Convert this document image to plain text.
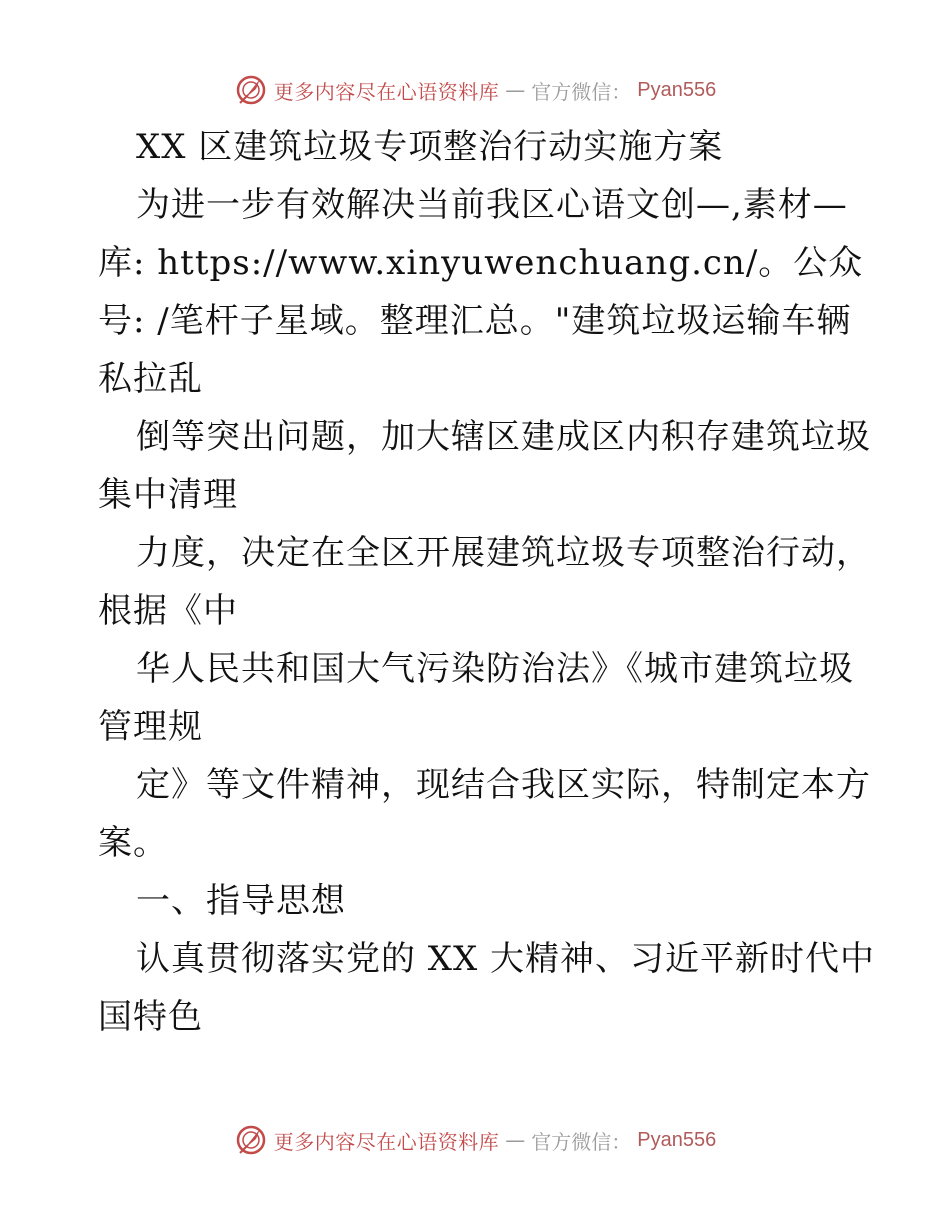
更多内容尽在心语资料库 — 官方微信： Pyan556
XX 区建筑垃圾专项整治行动实施方案
为进一步有效解决当前我区心语文创—,素材—
库: https://www.xinyuwenchuang.cn/。公众
号: /笔杆子星域。整理汇总。"建筑垃圾运输车辆
私拉乱
倒等突出问题，加大辖区建成区内积存建筑垃圾
集中清理
力度，决定在全区开展建筑垃圾专项整治行动，
根据《中
华人民共和国大气污染防治法》《城市建筑垃圾
管理规
定》等文件精神，现结合我区实际，特制定本方
案。
一、指导思想
认真贯彻落实党的 XX 大精神、习近平新时代中
国特色
更多内容尽在心语资料库 — 官方微信： Pyan556
